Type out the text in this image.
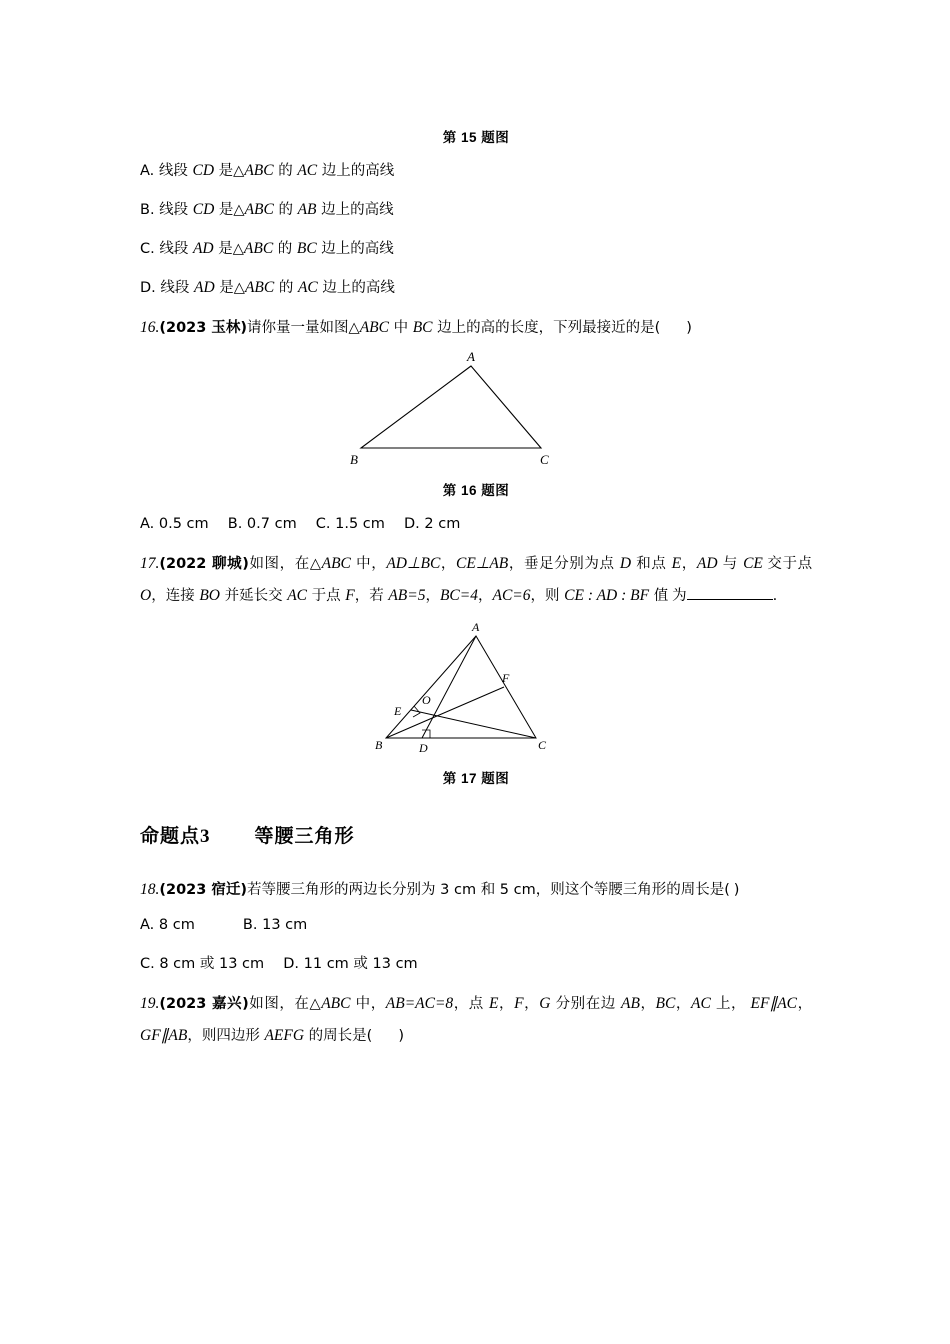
第 15 题图
A. 线段 CD 是△ABC 的 AC 边上的高线
B. 线段 CD 是△ABC 的 AB 边上的高线
C. 线段 AD 是△ABC 的 BC 边上的高线
D. 线段 AD 是△ABC 的 AC 边上的高线
16.(2023 玉林)请你量一量如图△ABC 中 BC 边上的高的长度，下列最接近的是( )
A
B	C
第 16 题图
A. 0.5 cm　 B. 0.7 cm　 C. 1.5 cm　 D. 2 cm
17.(2022 聊城)如图，在△ABC 中，AD⊥BC，CE⊥AB，垂足分别为点 D 和点 E，AD 与 CE 交于点 O，连接 BO 并延长交 AC 于点 F，若 AB=5，BC=4，AC=6，则 CE : AD : BF 值 为	.
A
B	C
D
E
F
O
第 17 题图
命题点3 等腰三角形
18.(2023 宿迁)若等腰三角形的两边长分别为 3 cm 和 5 cm，则这个等腰三角形的周长是( )
A. 8 cm　　　 B. 13 cm
C. 8 cm 或 13 cm　 D. 11 cm 或 13 cm
19.(2023 嘉兴)如图，在△ABC 中，AB=AC=8，点 E，F，G 分别在边 AB，BC，AC 上， EF∥AC，GF∥AB，则四边形 AEFG 的周长是( )
